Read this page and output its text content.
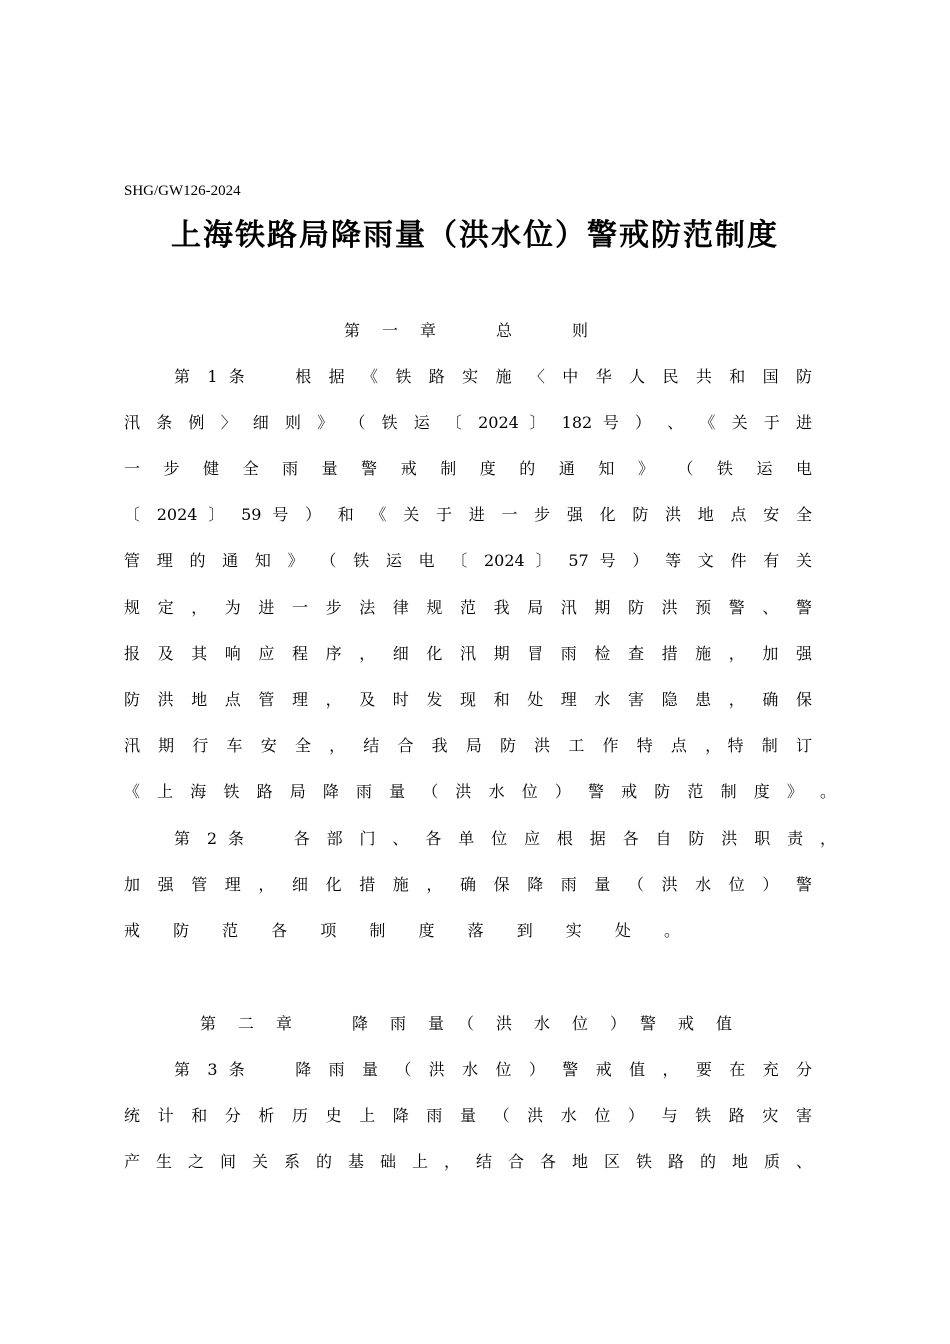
SHG/GW126-2024
上海铁路局降雨量（洪水位）警戒防范制度
第　一　章　　　总　　　则
第 1 条　　根 据 《 铁 路 实 施 〈 中 华 人 民 共 和 国 防
汛 条 例 〉 细 则 》 （ 铁 运 〔 2024 〕 182 号 ） 、 《 关 于 进
一 步 健 全 雨 量 警 戒 制 度 的 通 知 》 （ 铁 运 电
〔 2024 〕 59 号 ） 和 《 关 于 进 一 步 强 化 防 洪 地 点 安 全
管 理 的 通 知 》 （ 铁 运 电 〔 2024 〕 57 号 ） 等 文 件 有 关
规 定 ， 为 进 一 步 法 律 规 范 我 局 汛 期 防 洪 预 警 、 警
报 及 其 响 应 程 序 ， 细 化 汛 期 冒 雨 检 查 措 施 ， 加 强
防 洪 地 点 管 理 ， 及 时 发 现 和 处 理 水 害 隐 患 ， 确 保
汛 期 行 车 安 全 ， 结 合 我 局 防 洪 工 作 特 点 ，特 制 订
《 上 海 铁 路 局 降 雨 量 （ 洪 水 位 ） 警 戒 防 范 制 度 》 。
第 2 条　　各 部 门 、 各 单 位 应 根 据 各 自 防 洪 职 责 ，
加 强 管 理 ， 细 化 措 施 ， 确 保 降 雨 量 （ 洪 水 位 ） 警
戒 防 范 各 项 制 度 落 到 实 处 。
第　二　章　　　降　雨　量　（　洪　水　位　）　警　戒　值
第 3 条　　降 雨 量 （ 洪 水 位 ） 警 戒 值 ， 要 在 充 分
统 计 和 分 析 历 史 上 降 雨 量 （ 洪 水 位 ） 与 铁 路 灾 害
产 生 之 间 关 系 的 基 础 上 ， 结 合 各 地 区 铁 路 的 地 质 、
